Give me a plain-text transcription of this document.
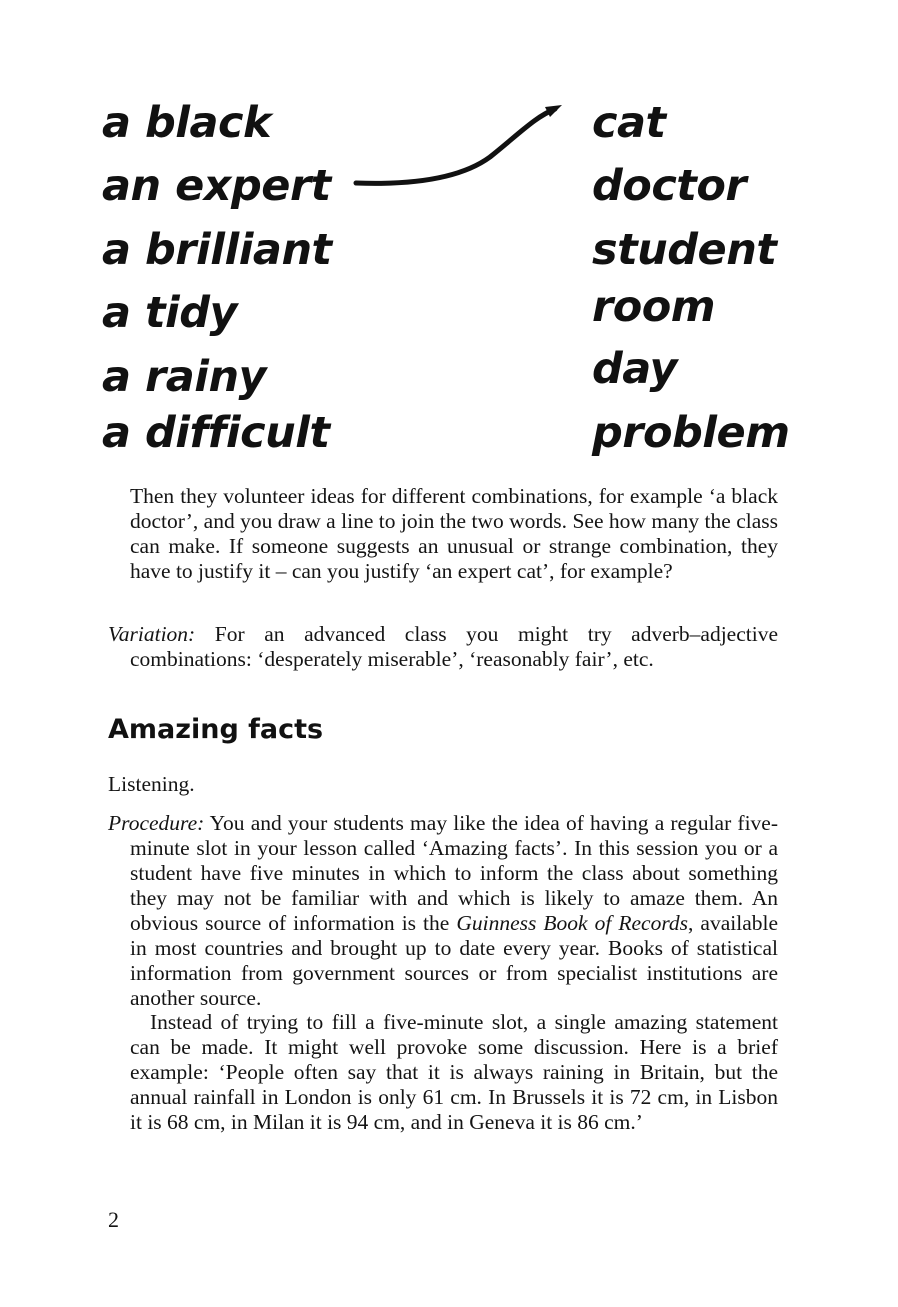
a black
an expert
a brilliant
a tidy
a rainy
a difficult
cat
doctor
student
room
day
problem

Then they volunteer ideas for different combinations, for example ‘a black doctor’, and you draw a line to join the two words. See how many the class can make. If someone suggests an unusual or strange combination, they have to justify it – can you justify ‘an expert cat’, for example?

Variation: For an advanced class you might try adverb–adjective combinations: ‘desperately miserable’, ‘reasonably fair’, etc.

Amazing facts

Listening.

Procedure: You and your students may like the idea of having a regular five-minute slot in your lesson called ‘Amazing facts’. In this session you or a student have five minutes in which to inform the class about something they may not be familiar with and which is likely to amaze them. An obvious source of information is the Guinness Book of Records, available in most countries and brought up to date every year. Books of statistical information from government sources or from specialist institutions are another source.

Instead of trying to fill a five-minute slot, a single amazing statement can be made. It might well provoke some discussion. Here is a brief example: ‘People often say that it is always raining in Britain, but the annual rainfall in London is only 61 cm. In Brussels it is 72 cm, in Lisbon it is 68 cm, in Milan it is 94 cm, and in Geneva it is 86 cm.’

2
